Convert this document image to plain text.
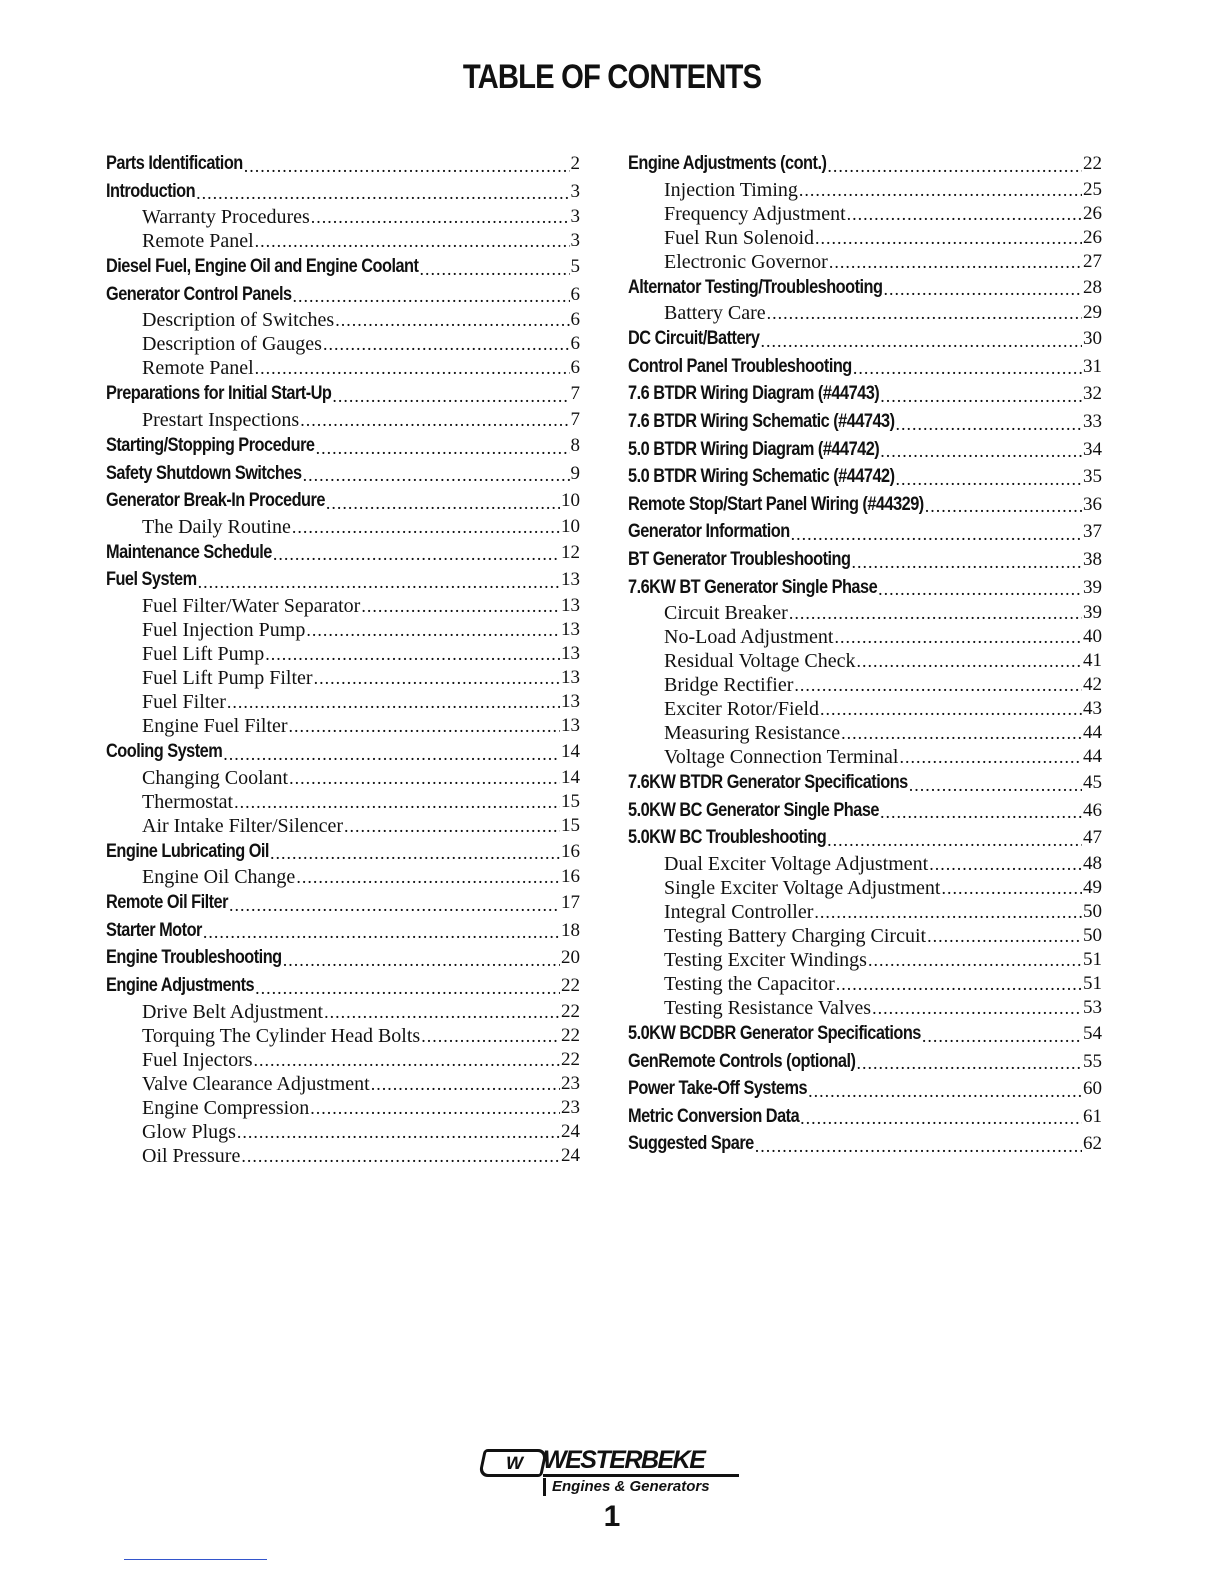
TABLE OF CONTENTS
Parts Identification .....	2
Introduction .....	3
Warranty Procedures .....	3
Remote Panel .....	3
Diesel Fuel, Engine Oil and Engine Coolant .....	5
Generator Control Panels .....	6
Description of Switches .....	6
Description of Gauges .....	6
Remote Panel .....	6
Preparations for Initial Start-Up .....	7
Prestart Inspections .....	7
Starting/Stopping Procedure .....	8
Safety Shutdown Switches .....	9
Generator Break-In Procedure .....	10
The Daily Routine .....	10
Maintenance Schedule .....	12
Fuel System .....	13
Fuel Filter/Water Separator .....	13
Fuel Injection Pump .....	13
Fuel Lift Pump .....	13
Fuel Lift Pump Filter .....	13
Fuel Filter .....	13
Engine Fuel Filter .....	13
Cooling System .....	14
Changing Coolant .....	14
Thermostat .....	15
Air Intake Filter/Silencer .....	15
Engine Lubricating Oil .....	16
Engine Oil Change .....	16
Remote Oil Filter .....	17
Starter Motor .....	18
Engine Troubleshooting .....	20
Engine Adjustments .....	22
Drive Belt Adjustment .....	22
Torquing The Cylinder Head Bolts .....	22
Fuel Injectors .....	22
Valve Clearance Adjustment .....	23
Engine Compression .....	23
Glow Plugs .....	24
Oil Pressure .....	24
Engine Adjustments (cont.) .....	22
Injection Timing .....	25
Frequency Adjustment .....	26
Fuel Run Solenoid .....	26
Electronic Governor .....	27
Alternator Testing/Troubleshooting .....	28
Battery Care .....	29
DC Circuit/Battery .....	30
Control Panel Troubleshooting .....	31
7.6 BTDR Wiring Diagram (#44743) .....	32
7.6 BTDR Wiring Schematic (#44743) .....	33
5.0 BTDR Wiring Diagram (#44742) .....	34
5.0 BTDR Wiring Schematic (#44742) .....	35
Remote Stop/Start Panel Wiring (#44329) .....	36
Generator Information .....	37
BT Generator Troubleshooting .....	38
7.6KW BT Generator Single Phase .....	39
Circuit Breaker .....	39
No-Load Adjustment .....	40
Residual Voltage Check .....	41
Bridge Rectifier .....	42
Exciter Rotor/Field .....	43
Measuring Resistance .....	44
Voltage Connection Terminal .....	44
7.6KW BTDR Generator Specifications .....	45
5.0KW BC Generator Single Phase .....	46
5.0KW BC Troubleshooting .....	47
Dual Exciter Voltage Adjustment .....	48
Single Exciter Voltage Adjustment .....	49
Integral Controller .....	50
Testing Battery Charging Circuit .....	50
Testing Exciter Windings .....	51
Testing the Capacitor .....	51
Testing Resistance Valves .....	53
5.0KW BCDBR Generator Specifications .....	54
GenRemote Controls (optional) .....	55
Power Take-Off Systems .....	60
Metric Conversion Data .....	61
Suggested Spare .....	62
W WESTERBEKE
Engines & Generators
1
